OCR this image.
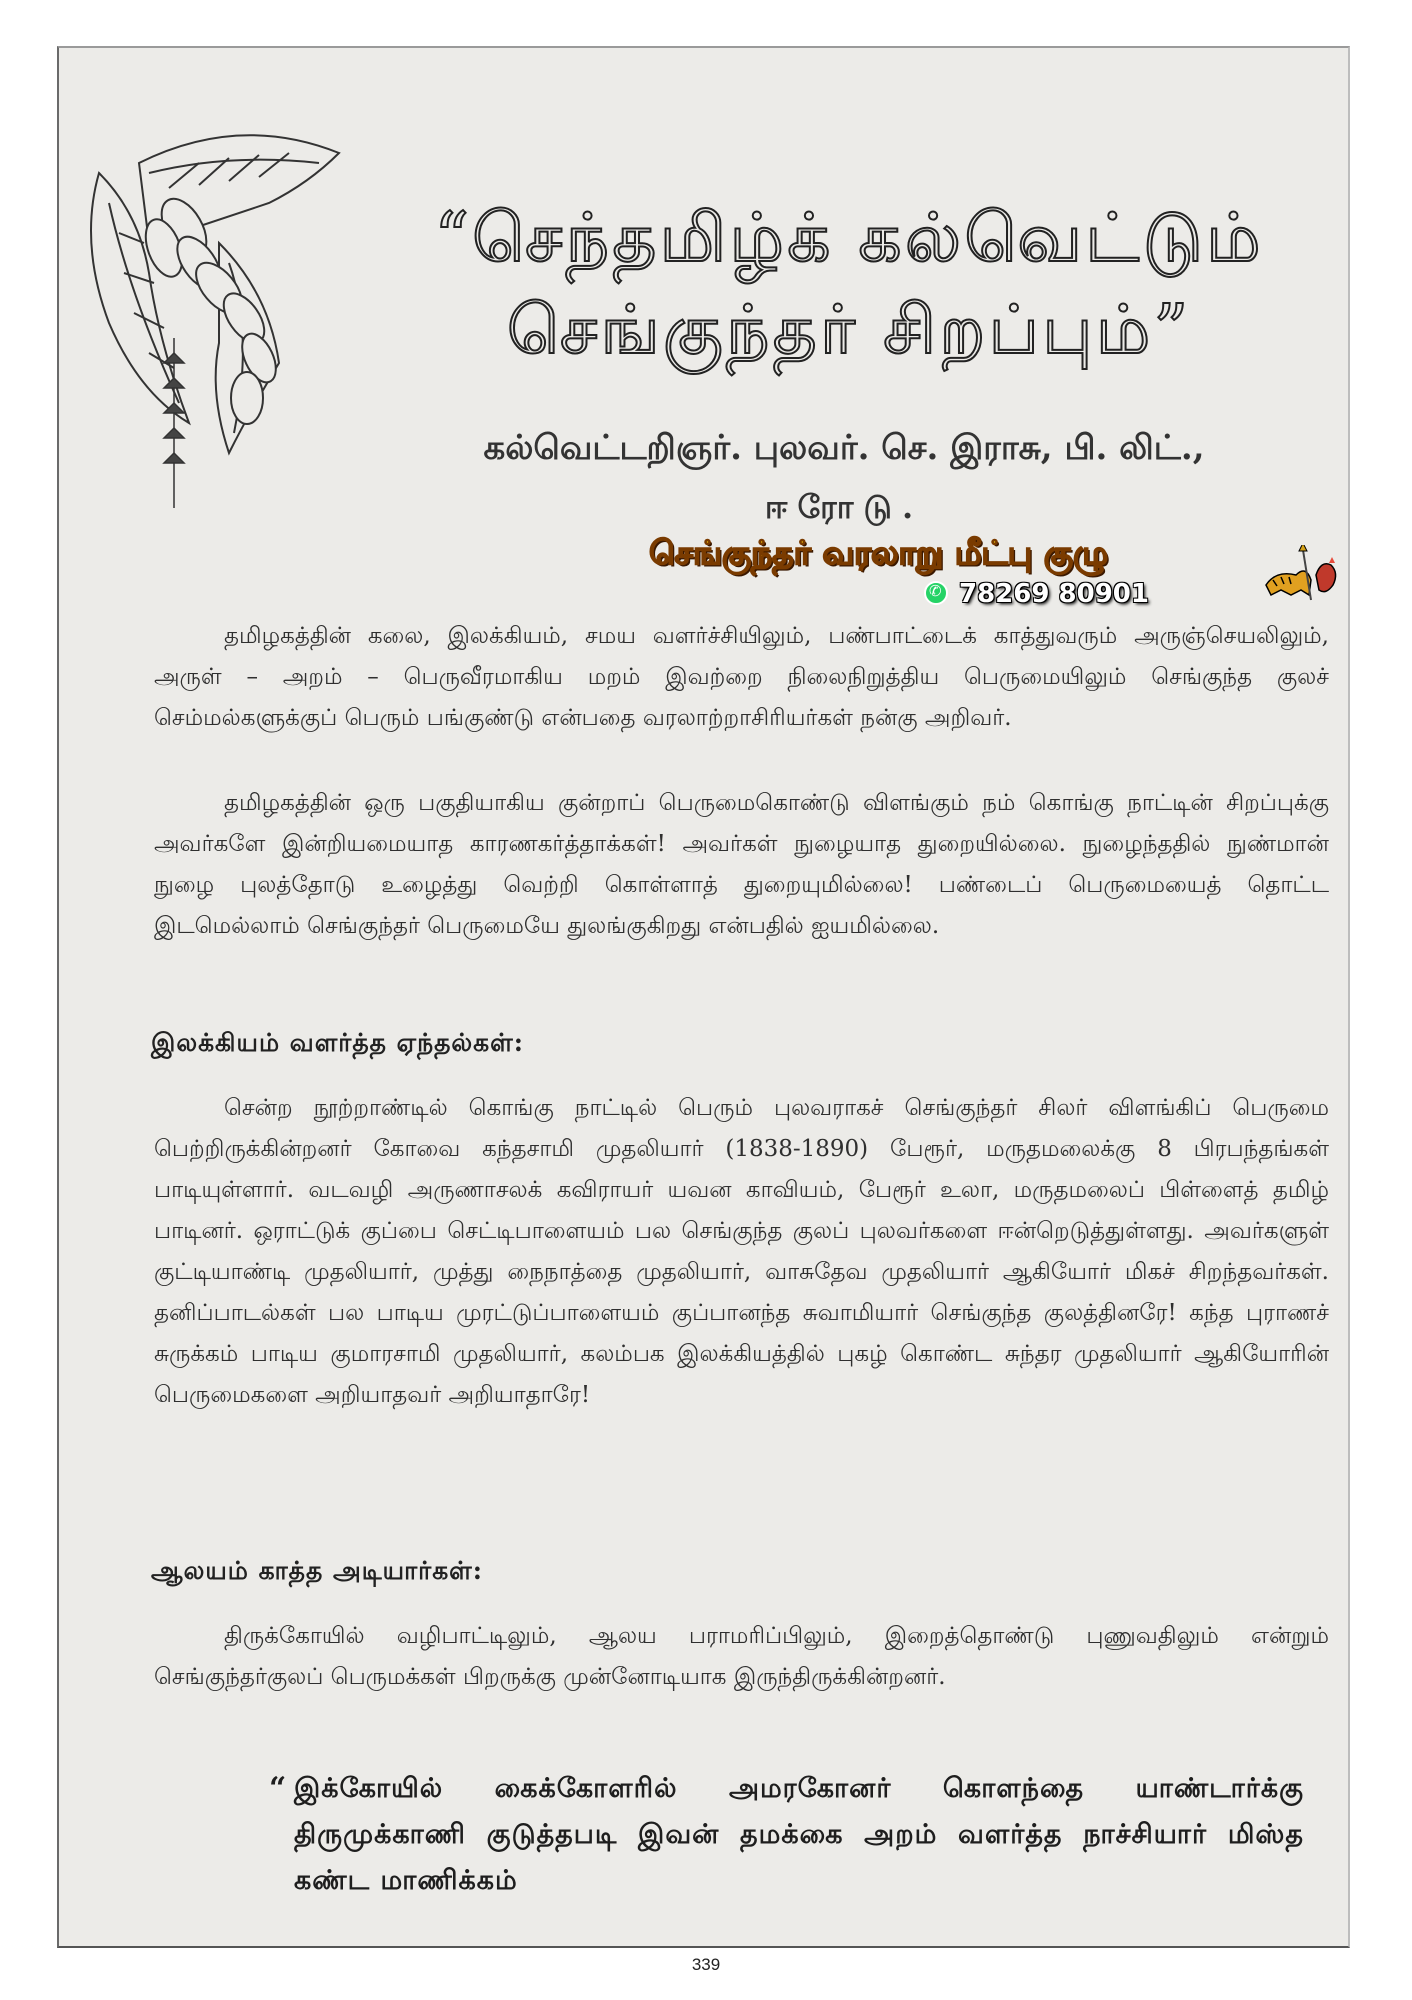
“செந்தமிழ்க் கல்வெட்டும்
செங்குந்தர் சிறப்பும்”
கல்வெட்டறிஞர். புலவர். செ. இராசு, பி. லிட்.,
ஈரோடு.
செங்குந்தர் வரலாறு மீட்பு குழு
✆
78269 80901

தமிழகத்தின் கலை, இலக்கியம், சமய வளர்ச்சியிலும், பண்பாட்டைக் காத்துவரும் அருஞ்செயலிலும், அருள் – அறம் – பெருவீரமாகிய மறம் இவற்றை நிலைநிறுத்திய பெருமையிலும் செங்குந்த குலச் செம்மல்களுக்குப் பெரும் பங்குண்டு என்பதை வரலாற்றாசிரியர்கள் நன்கு அறிவர்.

தமிழகத்தின் ஒரு பகுதியாகிய குன்றாப் பெருமைகொண்டு விளங்கும் நம் கொங்கு நாட்டின் சிறப்புக்கு அவர்களே இன்றியமையாத காரணகர்த்தாக்கள்! அவர்கள் நுழையாத துறையில்லை. நுழைந்ததில் நுண்மான் நுழை புலத்தோடு உழைத்து வெற்றி கொள்ளாத் துறையுமில்லை! பண்டைப் பெருமையைத் தொட்ட இடமெல்லாம் செங்குந்தர் பெருமையே துலங்குகிறது என்பதில் ஐயமில்லை.

இலக்கியம் வளர்த்த ஏந்தல்கள்:

சென்ற நூற்றாண்டில் கொங்கு நாட்டில் பெரும் புலவராகச் செங்குந்தர் சிலர் விளங்கிப் பெருமை பெற்றிருக்கின்றனர் கோவை கந்தசாமி முதலியார் (1838-1890) பேரூர், மருதமலைக்கு 8 பிரபந்தங்கள் பாடியுள்ளார். வடவழி அருணாசலக் கவிராயர் யவன காவியம், பேரூர் உலா, மருதமலைப் பிள்ளைத் தமிழ் பாடினர். ஒராட்டுக் குப்பை செட்டிபாளையம் பல செங்குந்த குலப் புலவர்களை ஈன்றெடுத்துள்ளது. அவர்களுள் குட்டியாண்டி முதலியார், முத்து நைநாத்தை முதலியார், வாசுதேவ முதலியார் ஆகியோர் மிகச் சிறந்தவர்கள். தனிப்பாடல்கள் பல பாடிய முரட்டுப்பாளையம் குப்பானந்த சுவாமியார் செங்குந்த குலத்தினரே! கந்த புராணச் சுருக்கம் பாடிய குமாரசாமி முதலியார், கலம்பக இலக்கியத்தில் புகழ் கொண்ட சுந்தர முதலியார் ஆகியோரின் பெருமைகளை அறியாதவர் அறியாதாரே!

ஆலயம் காத்த அடியார்கள்:

திருக்கோயில் வழிபாட்டிலும், ஆலய பராமரிப்பிலும், இறைத்தொண்டு புணுவதிலும் என்றும் செங்குந்தர்குலப் பெருமக்கள் பிறருக்கு முன்னோடியாக இருந்திருக்கின்றனர்.

“ இக்கோயில் கைக்கோளரில் அமரகோனர் கொளந்தை யாண்டார்க்கு திருமுக்காணி குடுத்தபடி இவன் தமக்கை அறம் வளர்த்த நாச்சியார் மிஸ்த கண்ட மாணிக்கம்

339
